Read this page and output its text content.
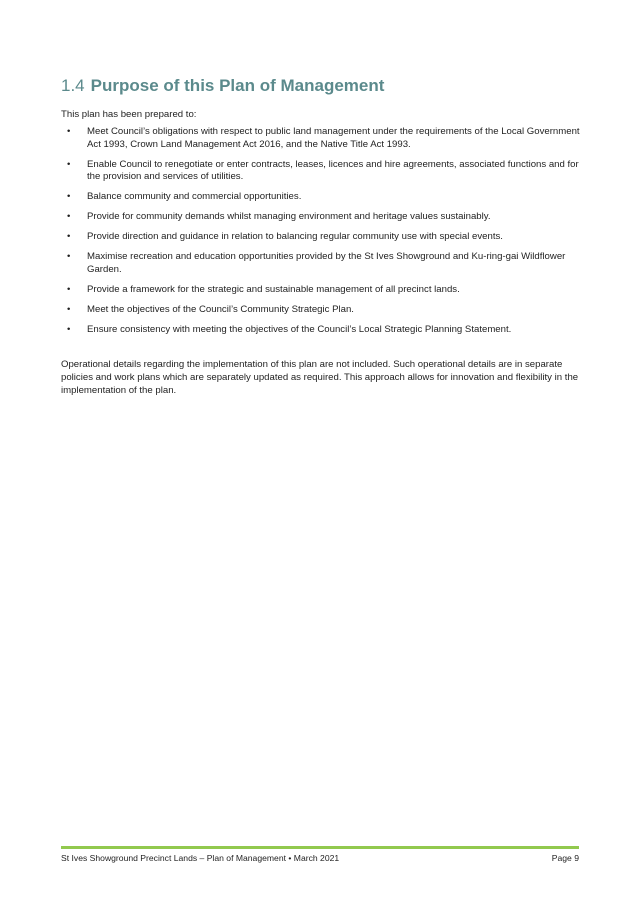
1.4 Purpose of this Plan of Management
This plan has been prepared to:
• Meet Council’s obligations with respect to public land management under the requirements of the Local Government Act 1993, Crown Land Management Act 2016, and the Native Title Act 1993.
• Enable Council to renegotiate or enter contracts, leases, licences and hire agreements, associated functions and for the provision and services of utilities.
• Balance community and commercial opportunities.
• Provide for community demands whilst managing environment and heritage values sustainably.
• Provide direction and guidance in relation to balancing regular community use with special events.
• Maximise recreation and education opportunities provided by the St Ives Showground and Ku-ring-gai Wildflower Garden.
• Provide a framework for the strategic and sustainable management of all precinct lands.
• Meet the objectives of the Council’s Community Strategic Plan.
• Ensure consistency with meeting the objectives of the Council’s Local Strategic Planning Statement.
Operational details regarding the implementation of this plan are not included. Such operational details are in separate policies and work plans which are separately updated as required. This approach allows for innovation and flexibility in the implementation of the plan.
St Ives Showground Precinct Lands – Plan of Management • March 2021	Page 9
